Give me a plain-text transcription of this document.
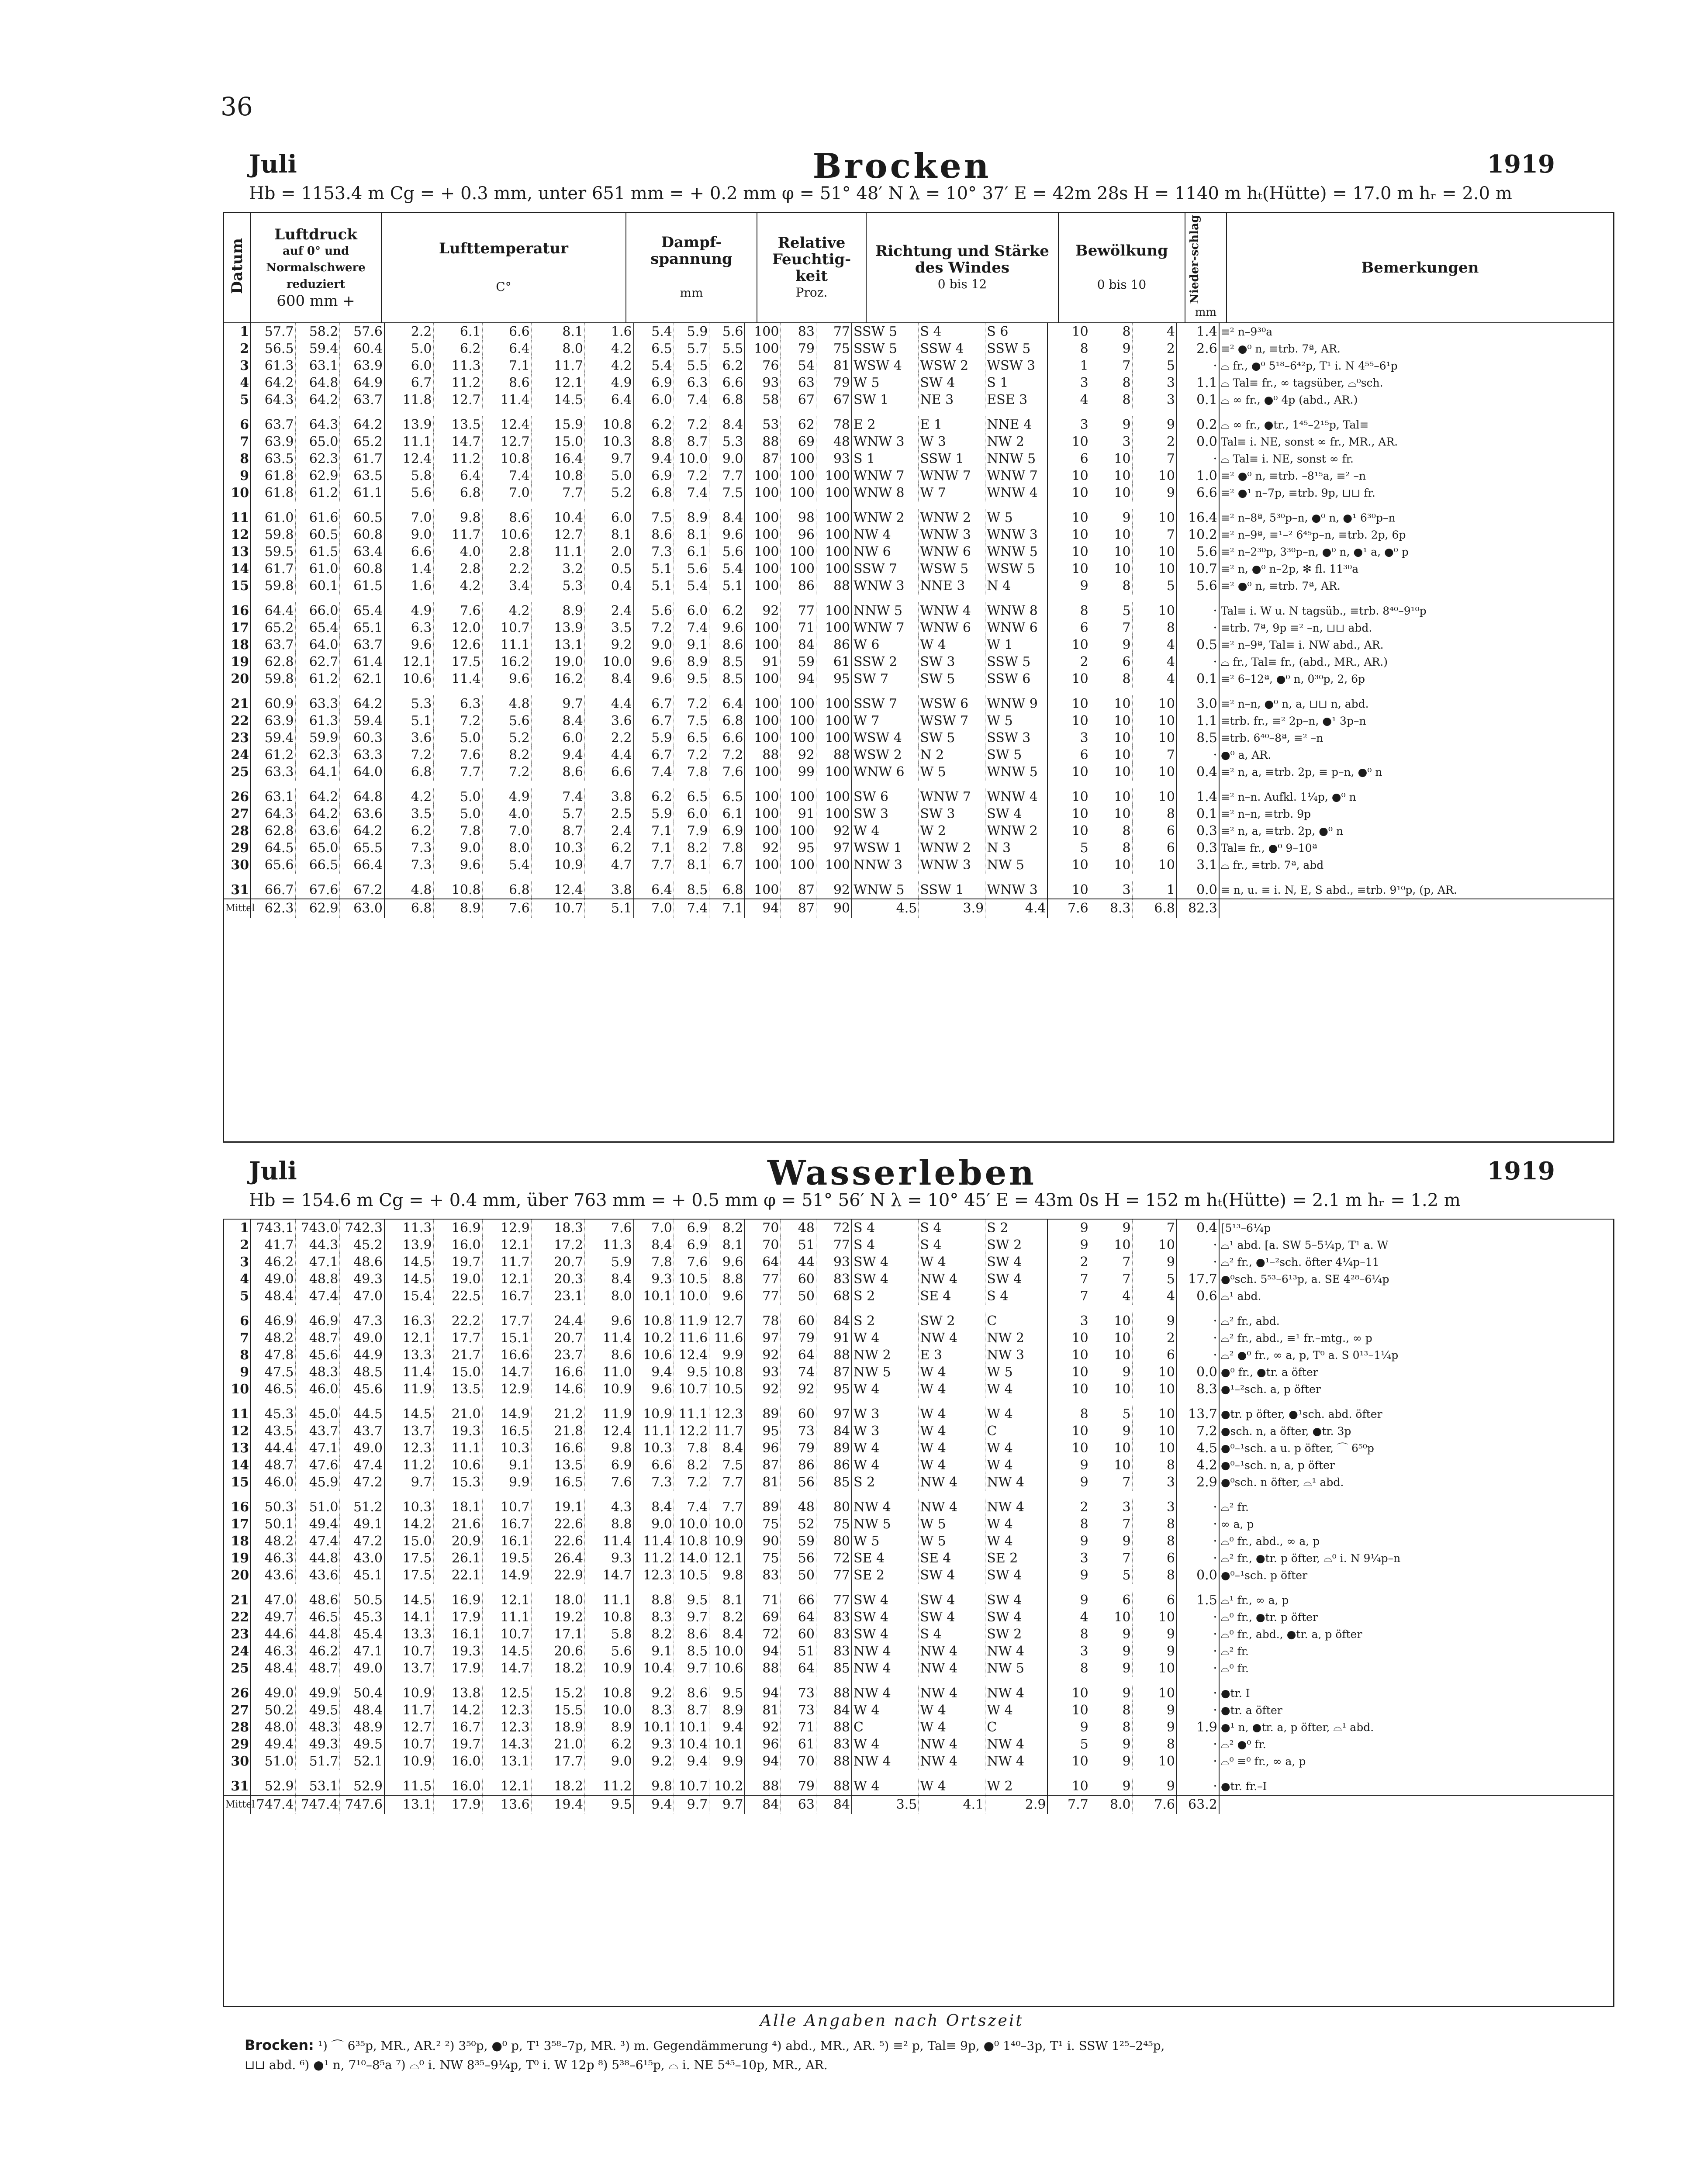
36
Juli	Brocken	1919
Hb = 1153.4 m Cg = + 0.3 mm, unter 651 mm = + 0.2 mm φ = 51° 48′ N λ = 10° 37′ E = 42m 28s H = 1140 m hₜ(Hütte) = 17.0 m hᵣ = 2.0 m
Datum	
Luftdruck
auf 0° und Normalschwere reduziert
600 mm +

Lufttemperatur
C°

Dampf-spannung
mm

Relative Feuchtig-keit
Proz.

Richtung und Stärke des Windes
0 bis 12

Bewölkung
0 bis 10	Nieder-schlag
mm
	Bemerkungen
1	57.7	58.2	57.6	2.2	6.1	6.6	8.1	1.6	5.4	5.9	5.6	100	83	77	SSW 5	S 4	S 6	10	8	4	1.4	≡² n–9³⁰a
2	56.5	59.4	60.4	5.0	6.2	6.4	8.0	4.2	6.5	5.7	5.5	100	79	75	SSW 5	SSW 4	SSW 5	8	9	2	2.6	≡² ●⁰ n, ≡trb. 7ª, AR.
3	61.3	63.1	63.9	6.0	11.3	7.1	11.7	4.2	5.4	5.5	6.2	76	54	81	WSW 4	WSW 2	WSW 3	1	7	5	·	⌓ fr., ●⁰ 5¹⁸–6⁴²p, T¹ i. N 4⁵⁵–6¹p
4	64.2	64.8	64.9	6.7	11.2	8.6	12.1	4.9	6.9	6.3	6.6	93	63	79	W 5	SW 4	S 1	3	8	3	1.1	⌓ Tal≡ fr., ∞ tagsüber, ⌓⁰sch.
5	64.3	64.2	63.7	11.8	12.7	11.4	14.5	6.4	6.0	7.4	6.8	58	67	67	SW 1	NE 3	ESE 3	4	8	3	0.1	⌓ ∞ fr., ●⁰ 4p (abd., AR.)

6	63.7	64.3	64.2	13.9	13.5	12.4	15.9	10.8	6.2	7.2	8.4	53	62	78	E 2	E 1	NNE 4	3	9	9	0.2	⌓ ∞ fr., ●tr., 1⁴⁵–2¹⁵p, Tal≡
7	63.9	65.0	65.2	11.1	14.7	12.7	15.0	10.3	8.8	8.7	5.3	88	69	48	WNW 3	W 3	NW 2	10	3	2	0.0	Tal≡ i. NE, sonst ∞ fr., MR., AR.
8	63.5	62.3	61.7	12.4	11.2	10.8	16.4	9.7	9.4	10.0	9.0	87	100	93	S 1	SSW 1	NNW 5	6	10	7	·	⌓ Tal≡ i. NE, sonst ∞ fr.
9	61.8	62.9	63.5	5.8	6.4	7.4	10.8	5.0	6.9	7.2	7.7	100	100	100	WNW 7	WNW 7	WNW 7	10	10	10	1.0	≡² ●⁰ n, ≡trb. –8¹⁵a, ≡² –n
10	61.8	61.2	61.1	5.6	6.8	7.0	7.7	5.2	6.8	7.4	7.5	100	100	100	WNW 8	W 7	WNW 4	10	10	9	6.6	≡² ●¹ n–7p, ≡trb. 9p, ⊔⊔ fr.

11	61.0	61.6	60.5	7.0	9.8	8.6	10.4	6.0	7.5	8.9	8.4	100	98	100	WNW 2	WNW 2	W 5	10	9	10	16.4	≡² n–8ª, 5³⁰p–n, ●⁰ n, ●¹ 6³⁰p–n
12	59.8	60.5	60.8	9.0	11.7	10.6	12.7	8.1	8.6	8.1	9.6	100	96	100	NW 4	WNW 3	WNW 3	10	10	7	10.2	≡² n–9ª, ≡¹–² 6⁴⁵p–n, ≡trb. 2p, 6p
13	59.5	61.5	63.4	6.6	4.0	2.8	11.1	2.0	7.3	6.1	5.6	100	100	100	NW 6	WNW 6	WNW 5	10	10	10	5.6	≡² n–2³⁰p, 3³⁰p–n, ●⁰ n, ●¹ a, ●⁰ p
14	61.7	61.0	60.8	1.4	2.8	2.2	3.2	0.5	5.1	5.6	5.4	100	100	100	SSW 7	WSW 5	WSW 5	10	10	10	10.7	≡² n, ●⁰ n–2p, ✻ fl. 11³⁰a
15	59.8	60.1	61.5	1.6	4.2	3.4	5.3	0.4	5.1	5.4	5.1	100	86	88	WNW 3	NNE 3	N 4	9	8	5	5.6	≡² ●⁰ n, ≡trb. 7ª, AR.

16	64.4	66.0	65.4	4.9	7.6	4.2	8.9	2.4	5.6	6.0	6.2	92	77	100	NNW 5	WNW 4	WNW 8	8	5	10	·	Tal≡ i. W u. N tagsüb., ≡trb. 8⁴⁰–9¹⁰p
17	65.2	65.4	65.1	6.3	12.0	10.7	13.9	3.5	7.2	7.4	9.6	100	71	100	WNW 7	WNW 6	WNW 6	6	7	8	·	≡trb. 7ª, 9p ≡² –n, ⊔⊔ abd.
18	63.7	64.0	63.7	9.6	12.6	11.1	13.1	9.2	9.0	9.1	8.6	100	84	86	W 6	W 4	W 1	10	9	4	0.5	≡² n–9ª, Tal≡ i. NW abd., AR.
19	62.8	62.7	61.4	12.1	17.5	16.2	19.0	10.0	9.6	8.9	8.5	91	59	61	SSW 2	SW 3	SSW 5	2	6	4	·	⌓ fr., Tal≡ fr., (abd., MR., AR.)
20	59.8	61.2	62.1	10.6	11.4	9.6	16.2	8.4	9.6	9.5	8.5	100	94	95	SW 7	SW 5	SSW 6	10	8	4	0.1	≡² 6–12ª, ●⁰ n, 0³⁰p, 2, 6p

21	60.9	63.3	64.2	5.3	6.3	4.8	9.7	4.4	6.7	7.2	6.4	100	100	100	SSW 7	WSW 6	WNW 9	10	10	10	3.0	≡² n–n, ●⁰ n, a, ⊔⊔ n, abd.
22	63.9	61.3	59.4	5.1	7.2	5.6	8.4	3.6	6.7	7.5	6.8	100	100	100	W 7	WSW 7	W 5	10	10	10	1.1	≡trb. fr., ≡² 2p–n, ●¹ 3p–n
23	59.4	59.9	60.3	3.6	5.0	5.2	6.0	2.2	5.9	6.5	6.6	100	100	100	WSW 4	SW 5	SSW 3	3	10	10	8.5	≡trb. 6⁴⁰–8ª, ≡² –n
24	61.2	62.3	63.3	7.2	7.6	8.2	9.4	4.4	6.7	7.2	7.2	88	92	88	WSW 2	N 2	SW 5	6	10	7	·	●⁰ a, AR.
25	63.3	64.1	64.0	6.8	7.7	7.2	8.6	6.6	7.4	7.8	7.6	100	99	100	WNW 6	W 5	WNW 5	10	10	10	0.4	≡² n, a, ≡trb. 2p, ≡ p–n, ●⁰ n

26	63.1	64.2	64.8	4.2	5.0	4.9	7.4	3.8	6.2	6.5	6.5	100	100	100	SW 6	WNW 7	WNW 4	10	10	10	1.4	≡² n–n. Aufkl. 1¼p, ●⁰ n
27	64.3	64.2	63.6	3.5	5.0	4.0	5.7	2.5	5.9	6.0	6.1	100	91	100	SW 3	SW 3	SW 4	10	10	8	0.1	≡² n–n, ≡trb. 9p
28	62.8	63.6	64.2	6.2	7.8	7.0	8.7	2.4	7.1	7.9	6.9	100	100	92	W 4	W 2	WNW 2	10	8	6	0.3	≡² n, a, ≡trb. 2p, ●⁰ n
29	64.5	65.0	65.5	7.3	9.0	8.0	10.3	6.2	7.1	8.2	7.8	92	95	97	WSW 1	WNW 2	N 3	5	8	6	0.3	Tal≡ fr., ●⁰ 9–10ª
30	65.6	66.5	66.4	7.3	9.6	5.4	10.9	4.7	7.7	8.1	6.7	100	100	100	NNW 3	WNW 3	NW 5	10	10	10	3.1	⌓ fr., ≡trb. 7ª, abd

31	66.7	67.6	67.2	4.8	10.8	6.8	12.4	3.8	6.4	8.5	6.8	100	87	92	WNW 5	SSW 1	WNW 3	10	3	1	0.0	≡ n, u. ≡ i. N, E, S abd., ≡trb. 9¹⁰p, (p, AR.
Mittel	62.3	62.9	63.0	6.8	8.9	7.6	10.7	5.1	7.0	7.4	7.1	94	87	90	4.5	3.9	4.4	7.6	8.3	6.8	82.3	
Juli	Wasserleben	1919
Hb = 154.6 m Cg = + 0.4 mm, über 763 mm = + 0.5 mm φ = 51° 56′ N λ = 10° 45′ E = 43m 0s H = 152 m hₜ(Hütte) = 2.1 m hᵣ = 1.2 m
1	743.1	743.0	742.3	11.3	16.9	12.9	18.3	7.6	7.0	6.9	8.2	70	48	72	S 4	S 4	S 2	9	9	7	0.4	[5¹³–6¼p
2	41.7	44.3	45.2	13.9	16.0	12.1	17.2	11.3	8.4	6.9	8.1	70	51	77	S 4	S 4	SW 2	9	10	10	·	⌓¹ abd. [a. SW 5–5¼p, T¹ a. W
3	46.2	47.1	48.6	14.5	19.7	11.7	20.7	5.9	7.8	7.6	9.6	64	44	93	SW 4	W 4	SW 4	2	7	9	·	⌓² fr., ●¹–²sch. öfter 4¼p–11
4	49.0	48.8	49.3	14.5	19.0	12.1	20.3	8.4	9.3	10.5	8.8	77	60	83	SW 4	NW 4	SW 4	7	7	5	17.7	●⁰sch. 5⁵³–6¹³p, a. SE 4²⁸–6¼p
5	48.4	47.4	47.0	15.4	22.5	16.7	23.1	8.0	10.1	10.0	9.6	77	50	68	S 2	SE 4	S 4	7	4	4	0.6	⌓¹ abd.

6	46.9	46.9	47.3	16.3	22.2	17.7	24.4	9.6	10.8	11.9	12.7	78	60	84	S 2	SW 2	C	3	10	9	·	⌓² fr., abd.
7	48.2	48.7	49.0	12.1	17.7	15.1	20.7	11.4	10.2	11.6	11.6	97	79	91	W 4	NW 4	NW 2	10	10	2	·	⌓² fr., abd., ≡¹ fr.–mtg., ∞ p
8	47.8	45.6	44.9	13.3	21.7	16.6	23.7	8.6	10.6	12.4	9.9	92	64	88	NW 2	E 3	NW 3	10	10	6	·	⌓² ●⁰ fr., ∞ a, p, T⁰ a. S 0¹³–1¼p
9	47.5	48.3	48.5	11.4	15.0	14.7	16.6	11.0	9.4	9.5	10.8	93	74	87	NW 5	W 4	W 5	10	9	10	0.0	●⁰ fr., ●tr. a öfter
10	46.5	46.0	45.6	11.9	13.5	12.9	14.6	10.9	9.6	10.7	10.5	92	92	95	W 4	W 4	W 4	10	10	10	8.3	●¹–²sch. a, p öfter

11	45.3	45.0	44.5	14.5	21.0	14.9	21.2	11.9	10.9	11.1	12.3	89	60	97	W 3	W 4	W 4	8	5	10	13.7	●tr. p öfter, ●¹sch. abd. öfter
12	43.5	43.7	43.7	13.7	19.3	16.5	21.8	12.4	11.1	12.2	11.7	95	73	84	W 3	W 4	C	10	9	10	7.2	●sch. n, a öfter, ●tr. 3p
13	44.4	47.1	49.0	12.3	11.1	10.3	16.6	9.8	10.3	7.8	8.4	96	79	89	W 4	W 4	W 4	10	10	10	4.5	●⁰–¹sch. a u. p öfter, ⌒ 6⁵⁰p
14	48.7	47.6	47.4	11.2	10.6	9.1	13.5	6.9	6.6	8.2	7.5	87	86	86	W 4	W 4	W 4	9	10	8	4.2	●⁰–¹sch. n, a, p öfter
15	46.0	45.9	47.2	9.7	15.3	9.9	16.5	7.6	7.3	7.2	7.7	81	56	85	S 2	NW 4	NW 4	9	7	3	2.9	●⁰sch. n öfter, ⌓¹ abd.

16	50.3	51.0	51.2	10.3	18.1	10.7	19.1	4.3	8.4	7.4	7.7	89	48	80	NW 4	NW 4	NW 4	2	3	3	·	⌓² fr.
17	50.1	49.4	49.1	14.2	21.6	16.7	22.6	8.8	9.0	10.0	10.0	75	52	75	NW 5	W 5	W 4	8	7	8	·	∞ a, p
18	48.2	47.4	47.2	15.0	20.9	16.1	22.6	11.4	11.4	10.8	10.9	90	59	80	W 5	W 5	W 4	9	9	8	·	⌓⁰ fr., abd., ∞ a, p
19	46.3	44.8	43.0	17.5	26.1	19.5	26.4	9.3	11.2	14.0	12.1	75	56	72	SE 4	SE 4	SE 2	3	7	6	·	⌓² fr., ●tr. p öfter, ⌓⁰ i. N 9¼p–n
20	43.6	43.6	45.1	17.5	22.1	14.9	22.9	14.7	12.3	10.5	9.8	83	50	77	SE 2	SW 4	SW 4	9	5	8	0.0	●⁰–¹sch. p öfter

21	47.0	48.6	50.5	14.5	16.9	12.1	18.0	11.1	8.8	9.5	8.1	71	66	77	SW 4	SW 4	SW 4	9	6	6	1.5	⌓¹ fr., ∞ a, p
22	49.7	46.5	45.3	14.1	17.9	11.1	19.2	10.8	8.3	9.7	8.2	69	64	83	SW 4	SW 4	SW 4	4	10	10	·	⌓⁰ fr., ●tr. p öfter
23	44.6	44.8	45.4	13.3	16.1	10.7	17.1	5.8	8.2	8.6	8.4	72	60	83	SW 4	S 4	SW 2	8	9	9	·	⌓⁰ fr., abd., ●tr. a, p öfter
24	46.3	46.2	47.1	10.7	19.3	14.5	20.6	5.6	9.1	8.5	10.0	94	51	83	NW 4	NW 4	NW 4	3	9	9	·	⌓² fr.
25	48.4	48.7	49.0	13.7	17.9	14.7	18.2	10.9	10.4	9.7	10.6	88	64	85	NW 4	NW 4	NW 5	8	9	10	·	⌓⁰ fr.

26	49.0	49.9	50.4	10.9	13.8	12.5	15.2	10.8	9.2	8.6	9.5	94	73	88	NW 4	NW 4	NW 4	10	9	10	·	●tr. I
27	50.2	49.5	48.4	11.7	14.2	12.3	15.5	10.0	8.3	8.7	8.9	81	73	84	W 4	W 4	W 4	10	8	9	·	●tr. a öfter
28	48.0	48.3	48.9	12.7	16.7	12.3	18.9	8.9	10.1	10.1	9.4	92	71	88	C	W 4	C	9	8	9	1.9	●¹ n, ●tr. a, p öfter, ⌓¹ abd.
29	49.4	49.3	49.5	10.7	19.7	14.3	21.0	6.2	9.3	10.4	10.1	96	61	83	W 4	NW 4	NW 4	5	9	8	·	⌓² ●⁰ fr.
30	51.0	51.7	52.1	10.9	16.0	13.1	17.7	9.0	9.2	9.4	9.9	94	70	88	NW 4	NW 4	NW 4	10	9	10	·	⌓⁰ ≡⁰ fr., ∞ a, p

31	52.9	53.1	52.9	11.5	16.0	12.1	18.2	11.2	9.8	10.7	10.2	88	79	88	W 4	W 4	W 2	10	9	9	·	●tr. fr.–I
Mittel	747.4	747.4	747.6	13.1	17.9	13.6	19.4	9.5	9.4	9.7	9.7	84	63	84	3.5	4.1	2.9	7.7	8.0	7.6	63.2	
Alle Angaben nach Ortszeit
Brocken: ¹) ⌒ 6³⁵p, MR., AR.² ²) 3⁵⁰p, ●⁰ p, T¹ 3⁵⁸–7p, MR. ³) m. Gegendämmerung ⁴) abd., MR., AR. ⁵) ≡² p, Tal≡ 9p, ●⁰ 1⁴⁰–3p, T¹ i. SSW 1²⁵–2⁴⁵p,
⊔⊔ abd. ⁶) ●¹ n, 7¹⁰–8⁵a ⁷) ⌓⁰ i. NW 8³⁵–9¼p, T⁰ i. W 12p ⁸) 5³⁸–6¹⁵p, ⌓ i. NE 5⁴⁵–10p, MR., AR.
